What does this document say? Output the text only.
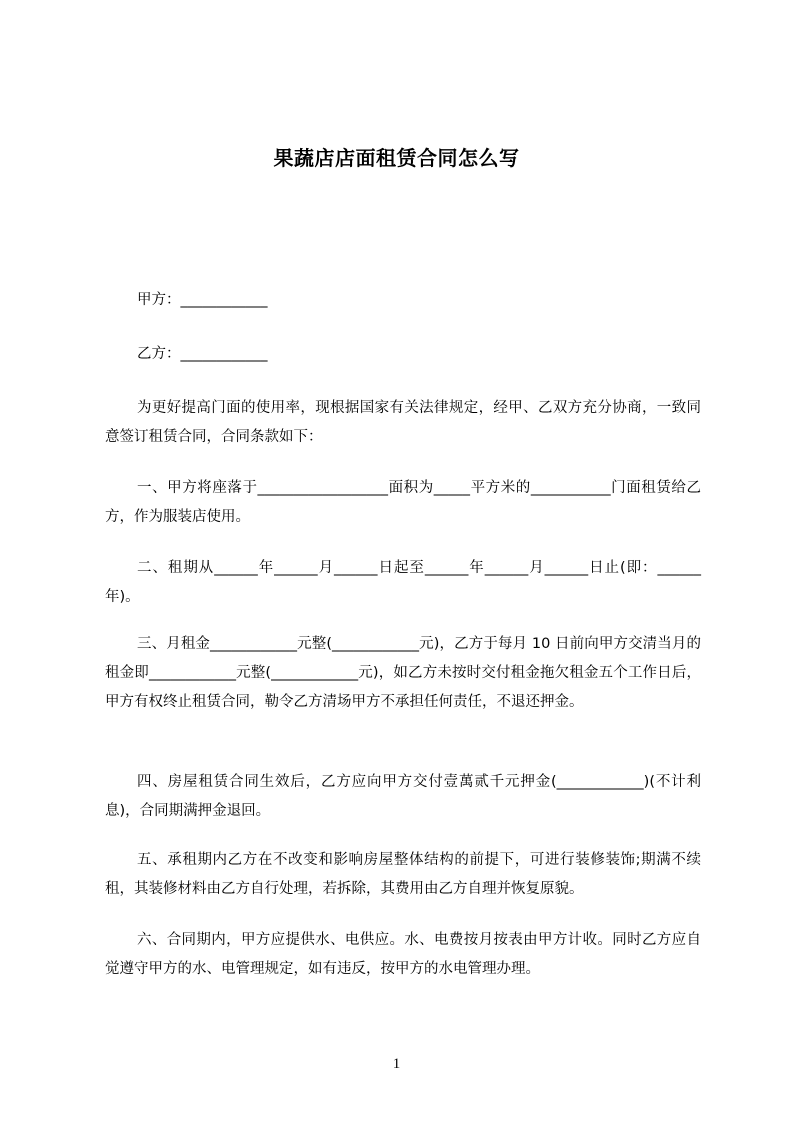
果蔬店店面租赁合同怎么写
甲方：____________
乙方：____________
为更好提高门面的使用率，现根据国家有关法律规定，经甲、乙双方充分协商，一致同意签订租赁合同，合同条款如下：
一、甲方将座落于__________________面积为_____平方米的___________门面租赁给乙方，作为服装店使用。
二、租期从______年______月______日起至______年______月______日止(即：______年)。
三、月租金____________元整(____________元)，乙方于每月 10 日前向甲方交清当月的租金即____________元整(____________元)，如乙方未按时交付租金拖欠租金五个工作日后，甲方有权终止租赁合同，勒令乙方清场甲方不承担任何责任，不退还押金。
四、房屋租赁合同生效后，乙方应向甲方交付壹萬贰千元押金(____________)(不计利息)，合同期满押金退回。
五、承租期内乙方在不改变和影响房屋整体结构的前提下，可进行装修装饰;期满不续租，其装修材料由乙方自行处理，若拆除，其费用由乙方自理并恢复原貌。
六、合同期内，甲方应提供水、电供应。水、电费按月按表由甲方计收。同时乙方应自觉遵守甲方的水、电管理规定，如有违反，按甲方的水电管理办理。
1
